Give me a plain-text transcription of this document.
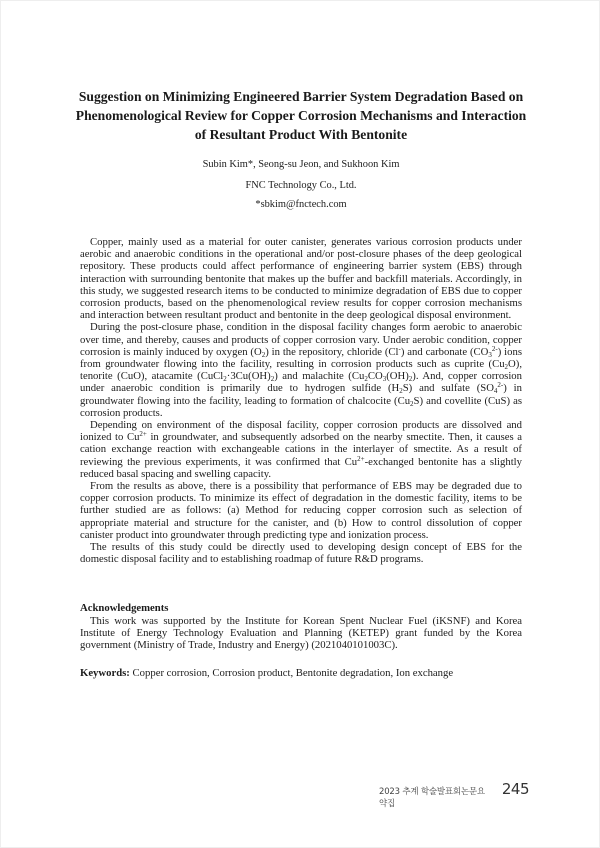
Suggestion on Minimizing Engineered Barrier System Degradation Based on Phenomenological Review for Copper Corrosion Mechanisms and Interaction of Resultant Product With Bentonite
Subin Kim*, Seong-su Jeon, and Sukhoon Kim
FNC Technology Co., Ltd.
*sbkim@fnctech.com

Copper, mainly used as a material for outer canister, generates various corrosion products under aerobic and anaerobic conditions in the operational and/or post-closure phases of the deep geological repository. These products could affect performance of engineering barrier system (EBS) through interaction with surrounding bentonite that makes up the buffer and backfill materials. Accordingly, in this study, we suggested research items to be conducted to minimize degradation of EBS due to copper corrosion products, based on the phenomenological review results for copper corrosion mechanisms and interaction between resultant product and bentonite in the deep geological disposal environment.

During the post-closure phase, condition in the disposal facility changes form aerobic to anaerobic over time, and thereby, causes and products of copper corrosion vary. Under aerobic condition, copper corrosion is mainly induced by oxygen $(O_2)$ in the repository, chloride (Cl-) and carbonate $(CO_3^{2-})$ ions from groundwater flowing into the facility, resulting in corrosion products such as cuprite $(Cu_2O)$, tenorite (CuO), atacamite $(CuCl_2\cdot 3Cu(OH)_2)$ and malachite $(Cu_2CO_3(OH)_2)$. And, copper corrosion under anaerobic condition is primarily due to hydrogen sulfide $(H_2S)$ and sulfate $(SO_4^{2-})$ in groundwater flowing into the facility, leading to formation of chalcocite $(Cu_2S)$ and covellite (CuS) as corrosion products.

Depending on environment of the disposal facility, copper corrosion products are dissolved and ionized to $Cu^{2+}$ in groundwater, and subsequently adsorbed on the nearby smectite. Then, it causes a cation exchange reaction with exchangeable cations in the interlayer of smectite. As a result of reviewing the previous experiments, it was confirmed that $Cu^{2+}$-exchanged bentonite has a slightly reduced basal spacing and swelling capacity.

From the results as above, there is a possibility that performance of EBS may be degraded due to copper corrosion products. To minimize its effect of degradation in the domestic facility, items to be further studied are as follows: (a) Method for reducing copper corrosion such as selection of appropriate material and structure for the canister, and (b) How to control dissolution of copper canister product into groundwater through predicting type and ionization process.

The results of this study could be directly used to developing design concept of EBS for the domestic disposal facility and to establishing roadmap of future R&D programs.

Acknowledgements

This work was supported by the Institute for Korean Spent Nuclear Fuel (iKSNF) and Korea Institute of Energy Technology Evaluation and Planning (KETEP) grant funded by the Korea government (Ministry of Trade, Industry and Energy) (2021040101003C).

Keywords: Copper corrosion, Corrosion product, Bentonite degradation, Ion exchange
2023 추계 학술발표회논문요약집
245
